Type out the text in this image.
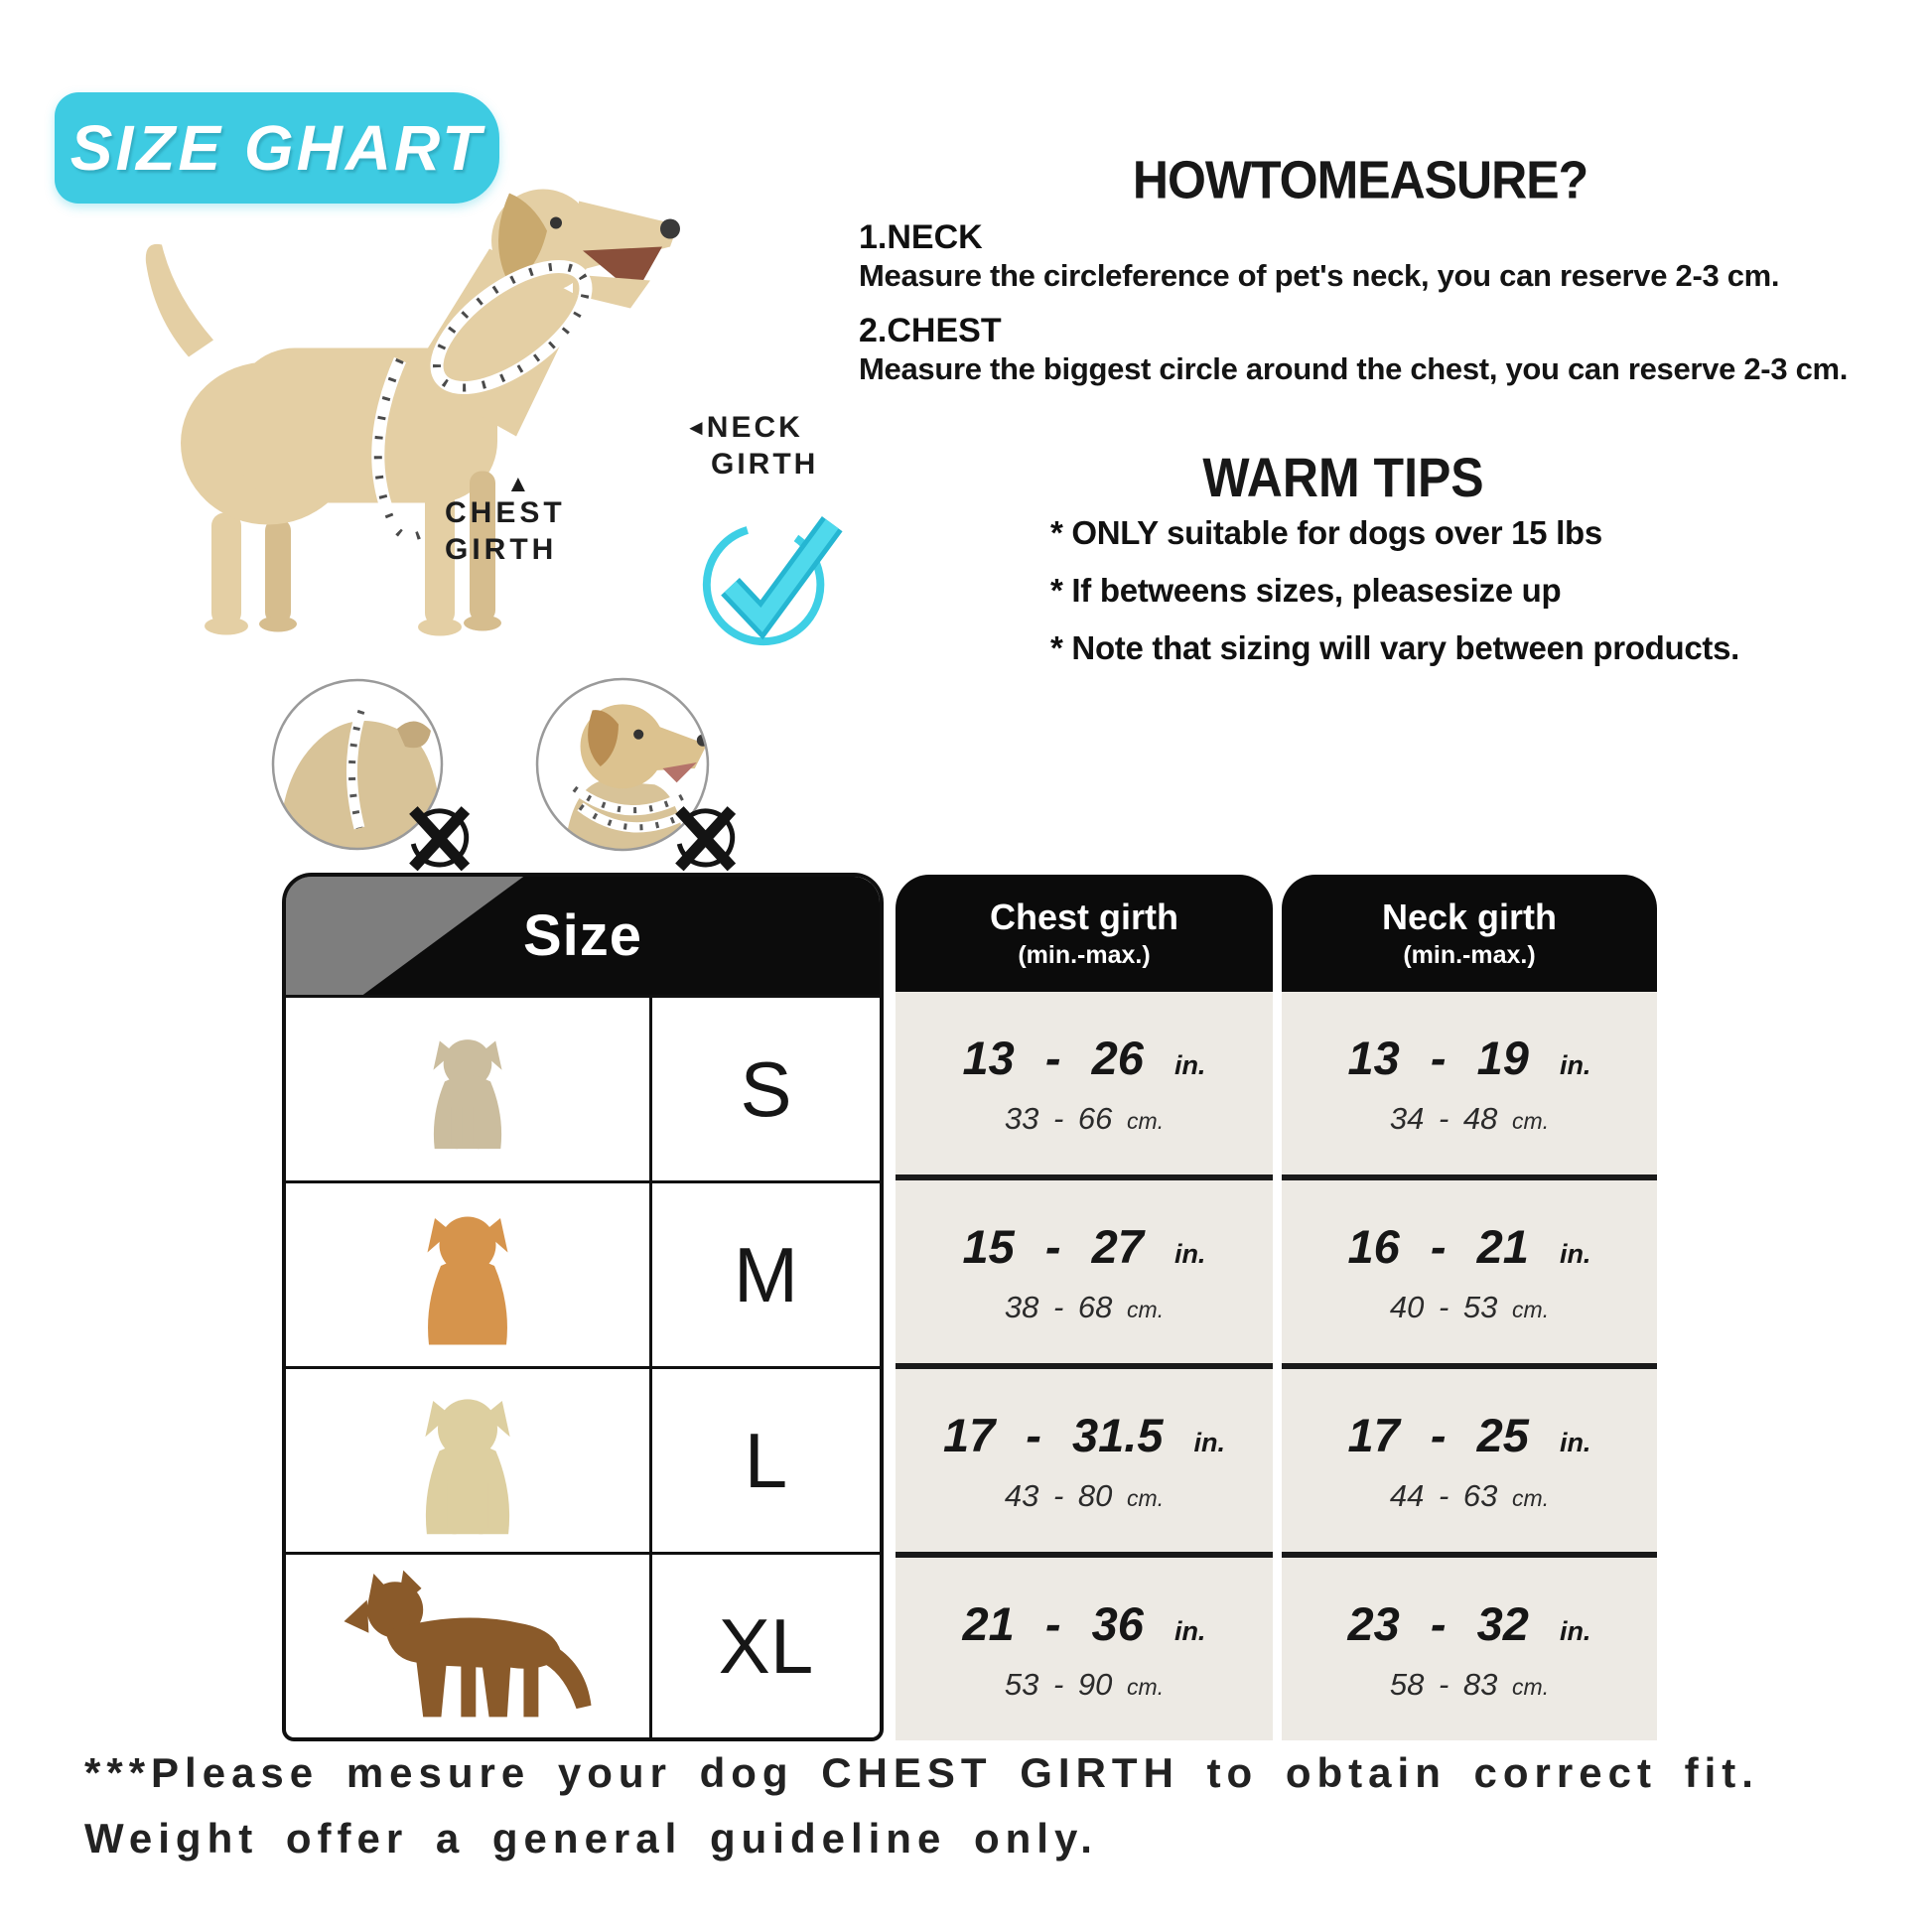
SIZE GHART
◄NECK
GIRTH
▲
CHEST
GIRTH
HOWTOMEASURE?
1.NECK
Measure the circleference of pet's neck, you can reserve 2-3 cm.
2.CHEST
Measure the biggest circle around the chest, you can reserve 2-3 cm.
WARM TIPS
* ONLY suitable for dogs over 15 lbs
* If betweens sizes, pleasesize up
* Note that sizing will vary between products.
Size
S
M
L
XL
Chest girth
(min.-max.)
13 - 26 in.
33 - 66 cm.
15 - 27 in.
38 - 68 cm.
17 - 31.5 in.
43 - 80 cm.
21 - 36 in.
53 - 90 cm.
Neck girth
(min.-max.)
13 - 19 in.
34 - 48 cm.
16 - 21 in.
40 - 53 cm.
17 - 25 in.
44 - 63 cm.
23 - 32 in.
58 - 83 cm.
***Please mesure your dog CHEST GIRTH to obtain correct fit.
Weight offer a general guideline only.
